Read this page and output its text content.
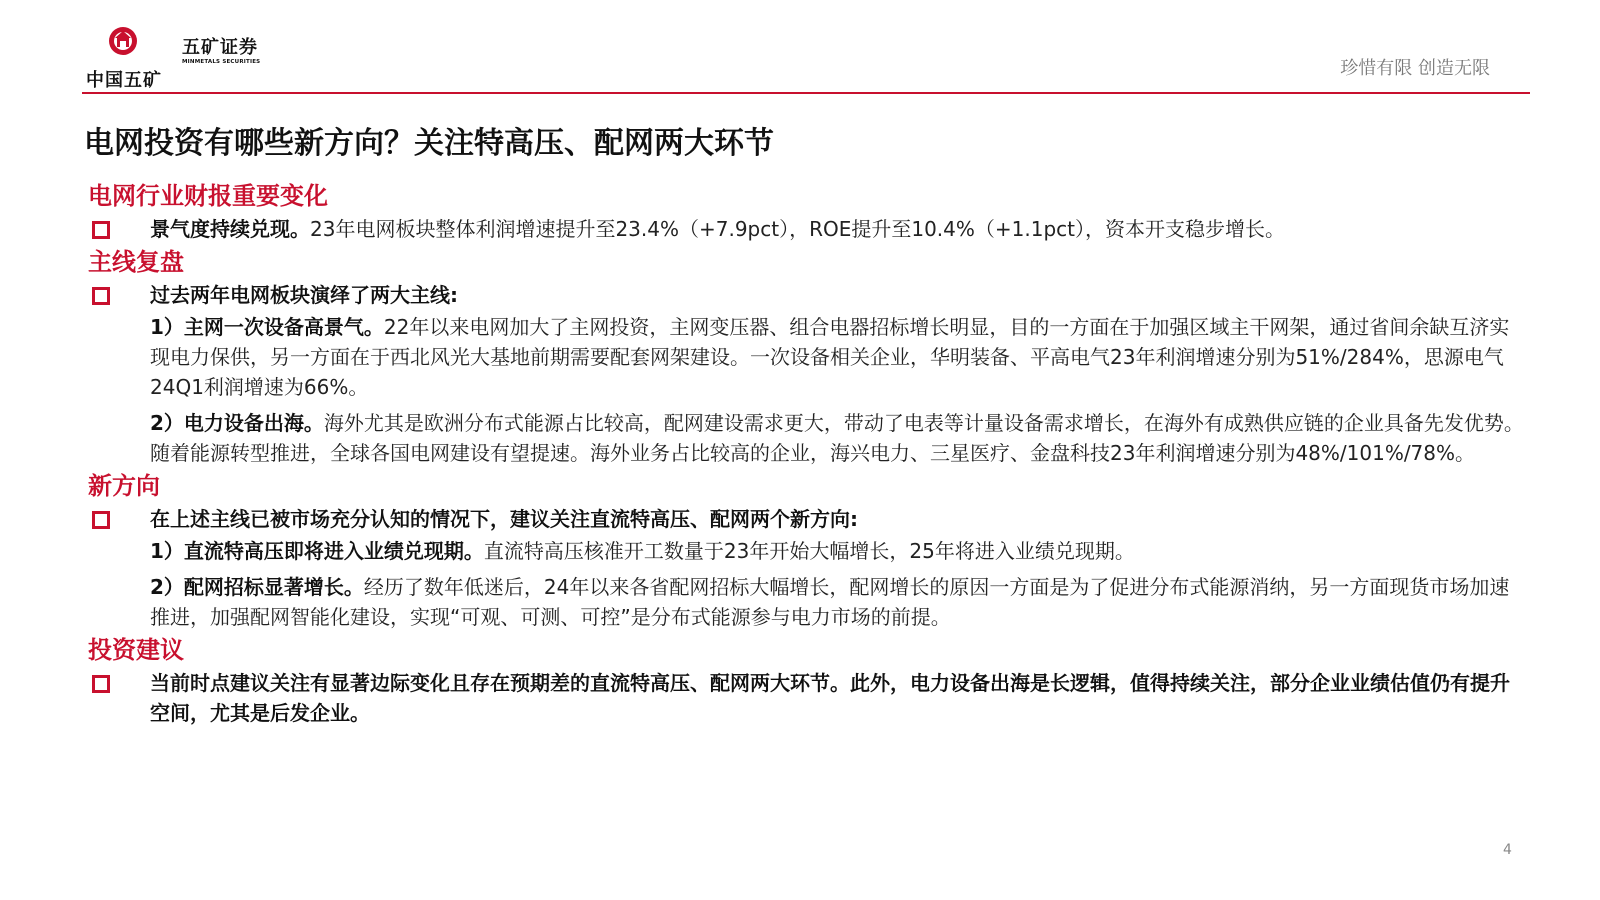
中国五矿
五矿证券
MINMETALS SECURITIES	珍惜有限 创造无限
电网投资有哪些新方向？关注特高压、配网两大环节

电网行业财报重要变化

景气度持续兑现。23年电网板块整体利润增速提升至23.4%（+7.9pct），ROE提升至10.4%（+1.1pct），资本开支稳步增长。

主线复盘

过去两年电网板块演绎了两大主线:

1）主网一次设备高景气。22年以来电网加大了主网投资，主网变压器、组合电器招标增长明显，目的一方面在于加强区域主干网架，通过省间余缺互济实现电力保供，另一方面在于西北风光大基地前期需要配套网架建设。一次设备相关企业，华明装备、平高电气23年利润增速分别为51%/284%，思源电气24Q1利润增速为66%。

2）电力设备出海。海外尤其是欧洲分布式能源占比较高，配网建设需求更大，带动了电表等计量设备需求增长，在海外有成熟供应链的企业具备先发优势。随着能源转型推进，全球各国电网建设有望提速。海外业务占比较高的企业，海兴电力、三星医疗、金盘科技23年利润增速分别为48%/101%/78%。

新方向

在上述主线已被市场充分认知的情况下，建议关注直流特高压、配网两个新方向:

1）直流特高压即将进入业绩兑现期。直流特高压核准开工数量于23年开始大幅增长，25年将进入业绩兑现期。

2）配网招标显著增长。经历了数年低迷后，24年以来各省配网招标大幅增长，配网增长的原因一方面是为了促进分布式能源消纳，另一方面现货市场加速推进，加强配网智能化建设，实现“可观、可测、可控”是分布式能源参与电力市场的前提。

投资建议

当前时点建议关注有显著边际变化且存在预期差的直流特高压、配网两大环节。此外，电力设备出海是长逻辑，值得持续关注，部分企业业绩估值仍有提升空间，尤其是后发企业。

4
